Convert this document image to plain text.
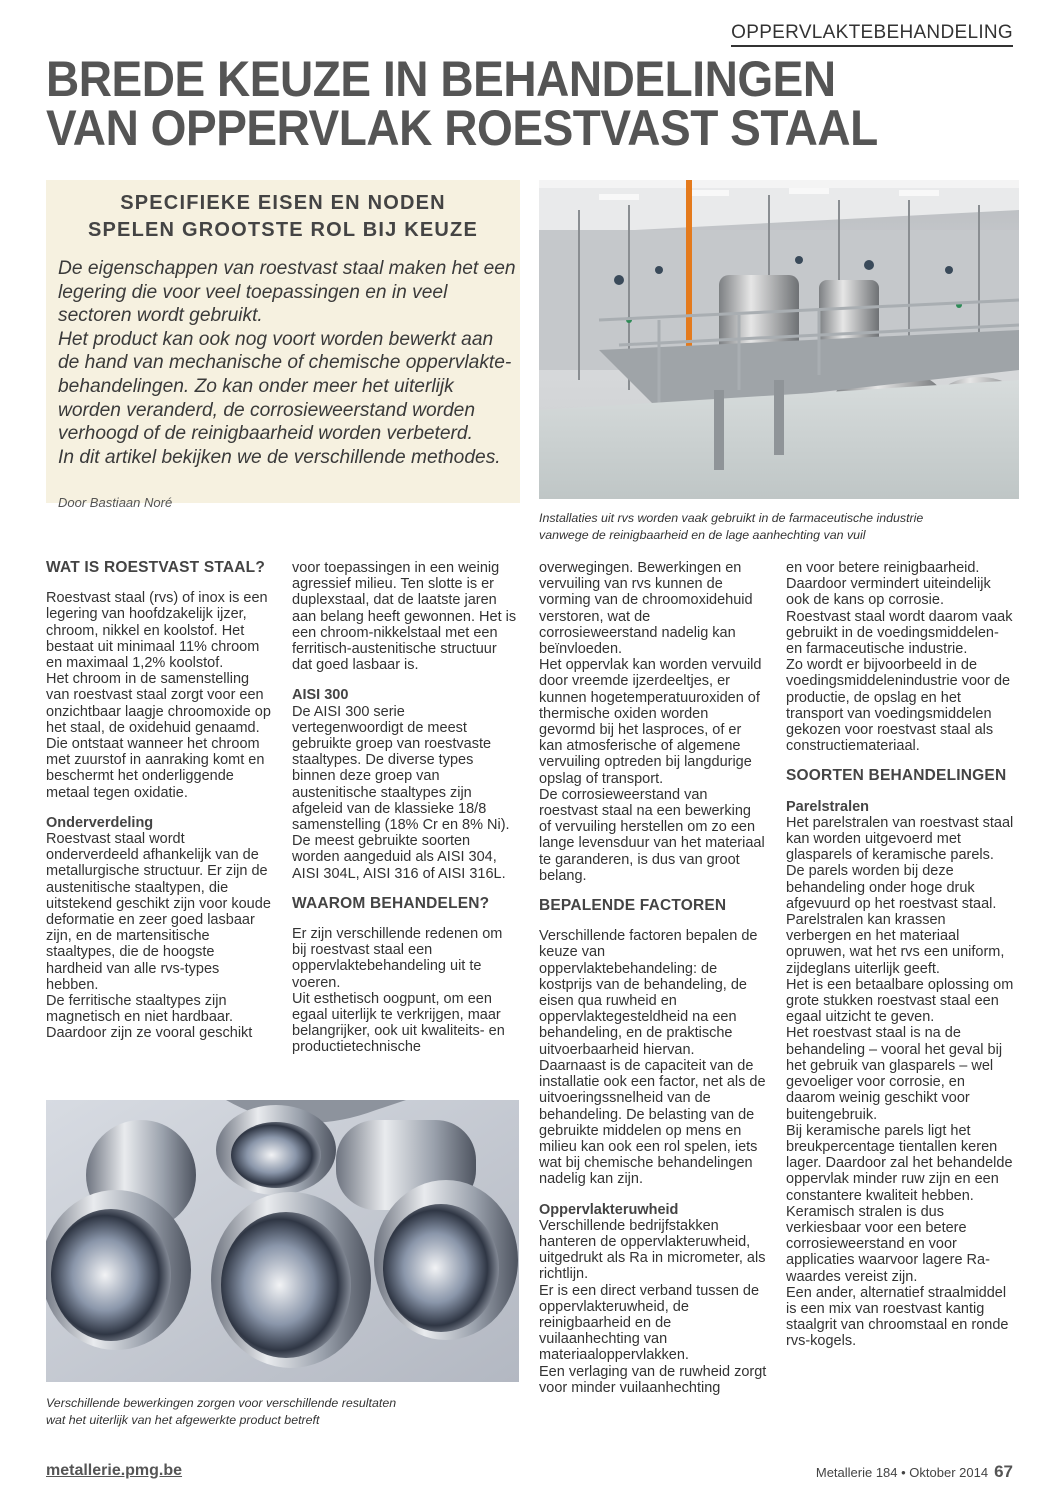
OPPERVLAKTEBEHANDELING
BREDE KEUZE IN BEHANDELINGEN
VAN OPPERVLAK ROESTVAST STAAL
SPECIFIEKE EISEN EN NODEN
SPELEN GROOTSTE ROL BIJ KEUZE
De eigenschappen van roestvast staal maken het een legering die voor veel toepassingen en in veel sectoren wordt gebruikt.
Het product kan ook nog voort worden bewerkt aan de hand van mechanische of chemische oppervlakte-behandelingen. Zo kan onder meer het uiterlijk worden veranderd, de corrosieweerstand worden verhoogd of de reinigbaarheid worden verbeterd.
In dit artikel bekijken we de verschillende methodes.
Door Bastiaan Noré
Installaties uit rvs worden vaak gebruikt in de farmaceutische industrie
vanwege de reinigbaarheid en de lage aanhechting van vuil

WAT IS ROESTVAST STAAL?

Roestvast staal (rvs) of inox is een legering van hoofdzakelijk ijzer, chroom, nikkel en koolstof. Het bestaat uit minimaal 11% chroom en maximaal 1,2% koolstof.

Het chroom in de samenstelling van roestvast staal zorgt voor een onzichtbaar laagje chroomoxide op het staal, de oxidehuid genaamd. Die ontstaat wanneer het chroom met zuurstof in aanraking komt en beschermt het onderliggende metaal tegen oxidatie.

Onderverdeling

Roestvast staal wordt onderverdeeld afhankelijk van de metallurgische structuur. Er zijn de austenitische staaltypen, die uitstekend geschikt zijn voor koude deformatie en zeer goed lasbaar zijn, en de martensitische staaltypes, die de hoogste hardheid van alle rvs-types hebben.

De ferritische staaltypes zijn magnetisch en niet hardbaar. Daardoor zijn ze vooral geschikt

voor toepassingen in een weinig agressief milieu. Ten slotte is er duplexstaal, dat de laatste jaren aan belang heeft gewonnen. Het is een chroom-nikkelstaal met een ferritisch-austenitische structuur dat goed lasbaar is.

AISI 300

De AISI 300 serie vertegenwoordigt de meest gebruikte groep van roestvaste staaltypes. De diverse types binnen deze groep van austenitische staaltypes zijn afgeleid van de klassieke 18/8 samenstelling (18% Cr en 8% Ni). De meest gebruikte soorten worden aangeduid als AISI 304, AISI 304L, AISI 316 of AISI 316L.

WAAROM BEHANDELEN?

Er zijn verschillende redenen om bij roestvast staal een oppervlaktebehandeling uit te voeren.

Uit esthetisch oogpunt, om een egaal uiterlijk te verkrijgen, maar belangrijker, ook uit kwaliteits- en productietechnische

Verschillende bewerkingen zorgen voor verschillende resultaten
wat het uiterlijk van het afgewerkte product betreft

overwegingen. Bewerkingen en vervuiling van rvs kunnen de vorming van de chroomoxidehuid verstoren, wat de corrosieweerstand nadelig kan beïnvloeden.

Het oppervlak kan worden vervuild door vreemde ijzerdeeltjes, er kunnen hogetemperatuuroxiden of thermische oxiden worden gevormd bij het lasproces, of er kan atmosferische of algemene vervuiling optreden bij langdurige opslag of transport.

De corrosieweerstand van roestvast staal na een bewerking of vervuiling herstellen om zo een lange levensduur van het materiaal te garanderen, is dus van groot belang.

BEPALENDE FACTOREN

Verschillende factoren bepalen de keuze van oppervlaktebehandeling: de kostprijs van de behandeling, de eisen qua ruwheid en oppervlaktegesteldheid na een behandeling, en de praktische uitvoerbaarheid hiervan.

Daarnaast is de capaciteit van de installatie ook een factor, net als de uitvoeringssnelheid van de behandeling. De belasting van de gebruikte middelen op mens en milieu kan ook een rol spelen, iets wat bij chemische behandelingen nadelig kan zijn.

Oppervlakteruwheid

Verschillende bedrijfstakken hanteren de oppervlakteruwheid, uitgedrukt als Ra in micrometer, als richtlijn.

Er is een direct verband tussen de oppervlakteruwheid, de reinigbaarheid en de vuilaanhechting van materiaaloppervlakken.

Een verlaging van de ruwheid zorgt voor minder vuilaanhechting

en voor betere reinigbaarheid. Daardoor vermindert uiteindelijk ook de kans op corrosie.

Roestvast staal wordt daarom vaak gebruikt in de voedingsmiddelen- en farmaceutische industrie.

Zo wordt er bijvoorbeeld in de voedingsmiddelenindustrie voor de productie, de opslag en het transport van voedingsmiddelen gekozen voor roestvast staal als constructiemateriaal.

SOORTEN BEHANDELINGEN

Parelstralen

Het parelstralen van roestvast staal kan worden uitgevoerd met glasparels of keramische parels. De parels worden bij deze behandeling onder hoge druk afgevuurd op het roestvast staal. Parelstralen kan krassen verbergen en het materiaal opruwen, wat het rvs een uniform, zijdeglans uiterlijk geeft.

Het is een betaalbare oplossing om grote stukken roestvast staal een egaal uitzicht te geven.

Het roestvast staal is na de behandeling – vooral het geval bij het gebruik van glasparels – wel gevoeliger voor corrosie, en daarom weinig geschikt voor buitengebruik.

Bij keramische parels ligt het breukpercentage tientallen keren lager. Daardoor zal het behandelde oppervlak minder ruw zijn en een constantere kwaliteit hebben. Keramisch stralen is dus verkiesbaar voor een betere corrosieweerstand en voor applicaties waarvoor lagere Ra-waardes vereist zijn.

Een ander, alternatief straalmiddel is een mix van roestvast kantig staalgrit van chroomstaal en ronde rvs-kogels.

metallerie.pmg.be	Metallerie 184 • Oktober 2014 67
